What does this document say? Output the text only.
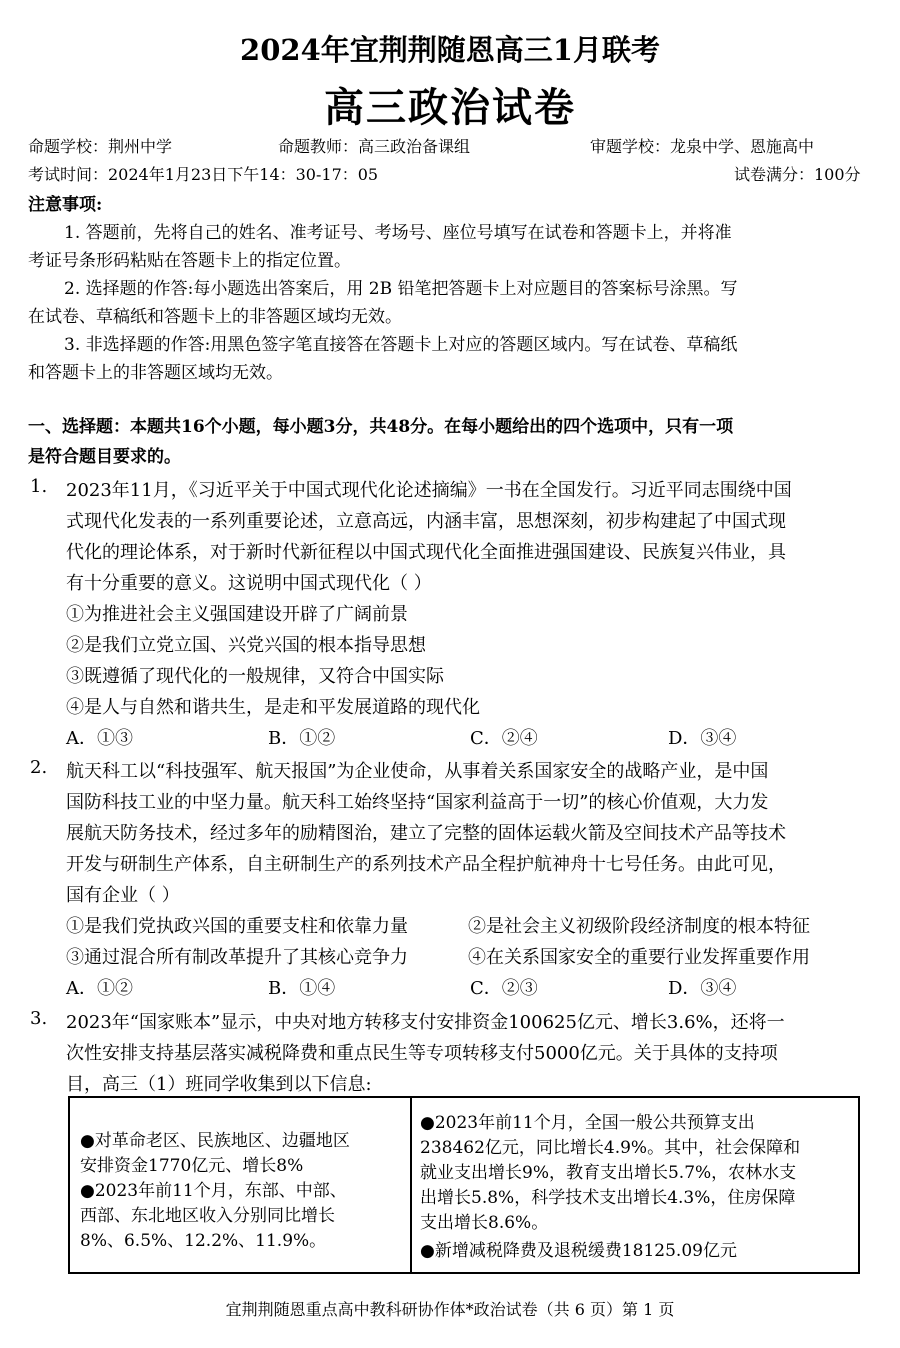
2024年宜荆荆随恩高三1月联考
高三政治试卷
命题学校：荆州中学	命题教师：高三政治备课组	审题学校：龙泉中学、恩施高中
考试时间：2024年1月23日下午14：30-17：05	试卷满分：100分
注意事项:
1. 答题前，先将自己的姓名、准考证号、考场号、座位号填写在试卷和答题卡上，并将准
考证号条形码粘贴在答题卡上的指定位置。
2. 选择题的作答:每小题选出答案后，用 2B 铅笔把答题卡上对应题目的答案标号涂黑。写
在试卷、草稿纸和答题卡上的非答题区域均无效。
3. 非选择题的作答:用黑色签字笔直接答在答题卡上对应的答题区域内。写在试卷、草稿纸
和答题卡上的非答题区域均无效。
一、选择题：本题共16个小题，每小题3分，共48分。在每小题给出的四个选项中，只有一项
是符合题目要求的。
1. 2023年11月，《习近平关于中国式现代化论述摘编》一书在全国发行。习近平同志围绕中国
式现代化发表的一系列重要论述，立意高远，内涵丰富，思想深刻，初步构建起了中国式现
代化的理论体系，对于新时代新征程以中国式现代化全面推进强国建设、民族复兴伟业，具
有十分重要的意义。这说明中国式现代化（ ）
①为推进社会主义强国建设开辟了广阔前景
②是我们立党立国、兴党兴国的根本指导思想
③既遵循了现代化的一般规律，又符合中国实际
④是人与自然和谐共生，是走和平发展道路的现代化
A．①③	B．①②	C．②④	D．③④
2. 航天科工以“科技强军、航天报国”为企业使命，从事着关系国家安全的战略产业，是中国
国防科技工业的中坚力量。航天科工始终坚持“国家利益高于一切”的核心价值观，大力发
展航天防务技术，经过多年的励精图治，建立了完整的固体运载火箭及空间技术产品等技术
开发与研制生产体系，自主研制生产的系列技术产品全程护航神舟十七号任务。由此可见，
国有企业（ ）
①是我们党执政兴国的重要支柱和依靠力量	②是社会主义初级阶段经济制度的根本特征
③通过混合所有制改革提升了其核心竞争力	④在关系国家安全的重要行业发挥重要作用
A．①②	B．①④	C．②③	D．③④
3. 2023年“国家账本”显示，中央对地方转移支付安排资金100625亿元、增长3.6%，还将一
次性安排支持基层落实减税降费和重点民生等专项转移支付5000亿元。关于具体的支持项
目，高三（1）班同学收集到以下信息:
●对革命老区、民族地区、边疆地区
安排资金1770亿元、增长8%
●2023年前11个月，东部、中部、
西部、东北地区收入分别同比增长
8%、6.5%、12.2%、11.9%。
●2023年前11个月，全国一般公共预算支出
238462亿元，同比增长4.9%。其中，社会保障和
就业支出增长9%，教育支出增长5.7%，农林水支
出增长5.8%，科学技术支出增长4.3%，住房保障
支出增长8.6%。
●新增减税降费及退税缓费18125.09亿元
宜荆荆随恩重点高中教科研协作体*政治试卷（共 6 页）第 1 页
